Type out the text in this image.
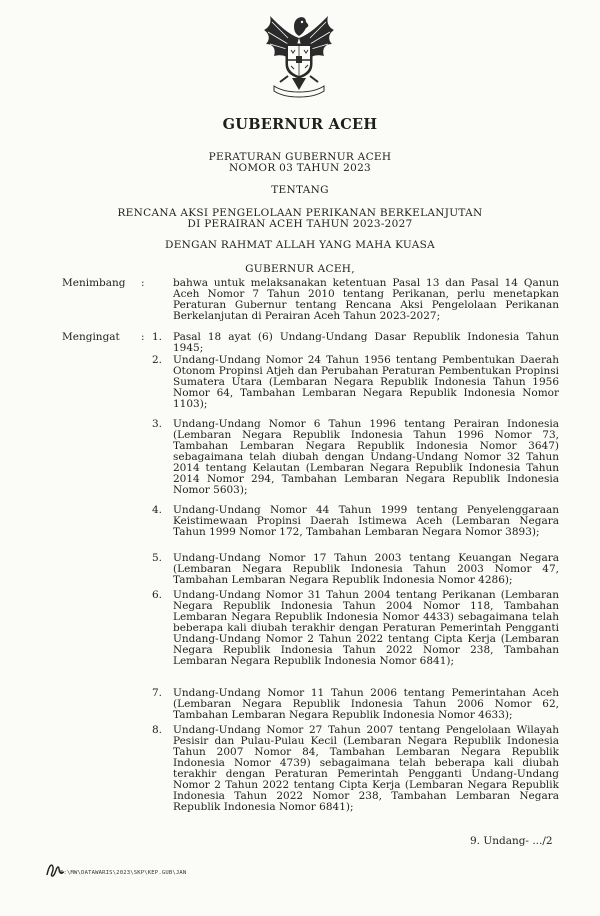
GUBERNUR ACEH
PERATURAN GUBERNUR ACEH
NOMOR 03 TAHUN 2023
TENTANG
RENCANA AKSI PENGELOLAAN PERIKANAN BERKELANJUTAN
DI PERAIRAN ACEH TAHUN 2023-2027
DENGAN RAHMAT ALLAH YANG MAHA KUASA
GUBERNUR ACEH,
Menimbang :	bahwa untuk melaksanakan ketentuan Pasal 13 dan Pasal 14 Qanun Aceh Nomor 7 Tahun 2010 tentang Perikanan, perlu menetapkan Peraturan Gubernur tentang Rencana Aksi Pengelolaan Perikanan Berkelanjutan di Perairan Aceh Tahun 2023-2027;
Mengingat : 1.	Pasal 18 ayat (6) Undang-Undang Dasar Republik Indonesia Tahun 1945;
2.	Undang-Undang Nomor 24 Tahun 1956 tentang Pembentukan Daerah Otonom Propinsi Atjeh dan Perubahan Peraturan Pembentukan Propinsi Sumatera Utara (Lembaran Negara Republik Indonesia Tahun 1956 Nomor 64, Tambahan Lembaran Negara Republik Indonesia Nomor 1103);
3.	Undang-Undang Nomor 6 Tahun 1996 tentang Perairan Indonesia (Lembaran Negara Republik Indonesia Tahun 1996 Nomor 73, Tambahan Lembaran Negara Republik Indonesia Nomor 3647) sebagaimana telah diubah dengan Undang-Undang Nomor 32 Tahun 2014 tentang Kelautan (Lembaran Negara Republik Indonesia Tahun 2014 Nomor 294, Tambahan Lembaran Negara Republik Indonesia Nomor 5603);
4.	Undang-Undang Nomor 44 Tahun 1999 tentang Penyelenggaraan Keistimewaan Propinsi Daerah Istimewa Aceh (Lembaran Negara Tahun 1999 Nomor 172, Tambahan Lembaran Negara Nomor 3893);
5.	Undang-Undang Nomor 17 Tahun 2003 tentang Keuangan Negara (Lembaran Negara Republik Indonesia Tahun 2003 Nomor 47, Tambahan Lembaran Negara Republik Indonesia Nomor 4286);
6.	Undang-Undang Nomor 31 Tahun 2004 tentang Perikanan (Lembaran Negara Republik Indonesia Tahun 2004 Nomor 118, Tambahan Lembaran Negara Republik Indonesia Nomor 4433) sebagaimana telah beberapa kali diubah terakhir dengan Peraturan Pemerintah Pengganti Undang-Undang Nomor 2 Tahun 2022 tentang Cipta Kerja (Lembaran Negara Republik Indonesia Tahun 2022 Nomor 238, Tambahan Lembaran Negara Republik Indonesia Nomor 6841);
7.	Undang-Undang Nomor 11 Tahun 2006 tentang Pemerintahan Aceh (Lembaran Negara Republik Indonesia Tahun 2006 Nomor 62, Tambahan Lembaran Negara Republik Indonesia Nomor 4633);
8.	Undang-Undang Nomor 27 Tahun 2007 tentang Pengelolaan Wilayah Pesisir dan Pulau-Pulau Kecil (Lembaran Negara Republik Indonesia Tahun 2007 Nomor 84, Tambahan Lembaran Negara Republik Indonesia Nomor 4739) sebagaimana telah beberapa kali diubah terakhir dengan Peraturan Pemerintah Pengganti Undang-Undang Nomor 2 Tahun 2022 tentang Cipta Kerja (Lembaran Negara Republik Indonesia Tahun 2022 Nomor 238, Tambahan Lembaran Negara Republik Indonesia Nomor 6841);
9. Undang- .../2
E:\MW\DATAWARIS\2023\SKP\KEP.GUB\JAN
